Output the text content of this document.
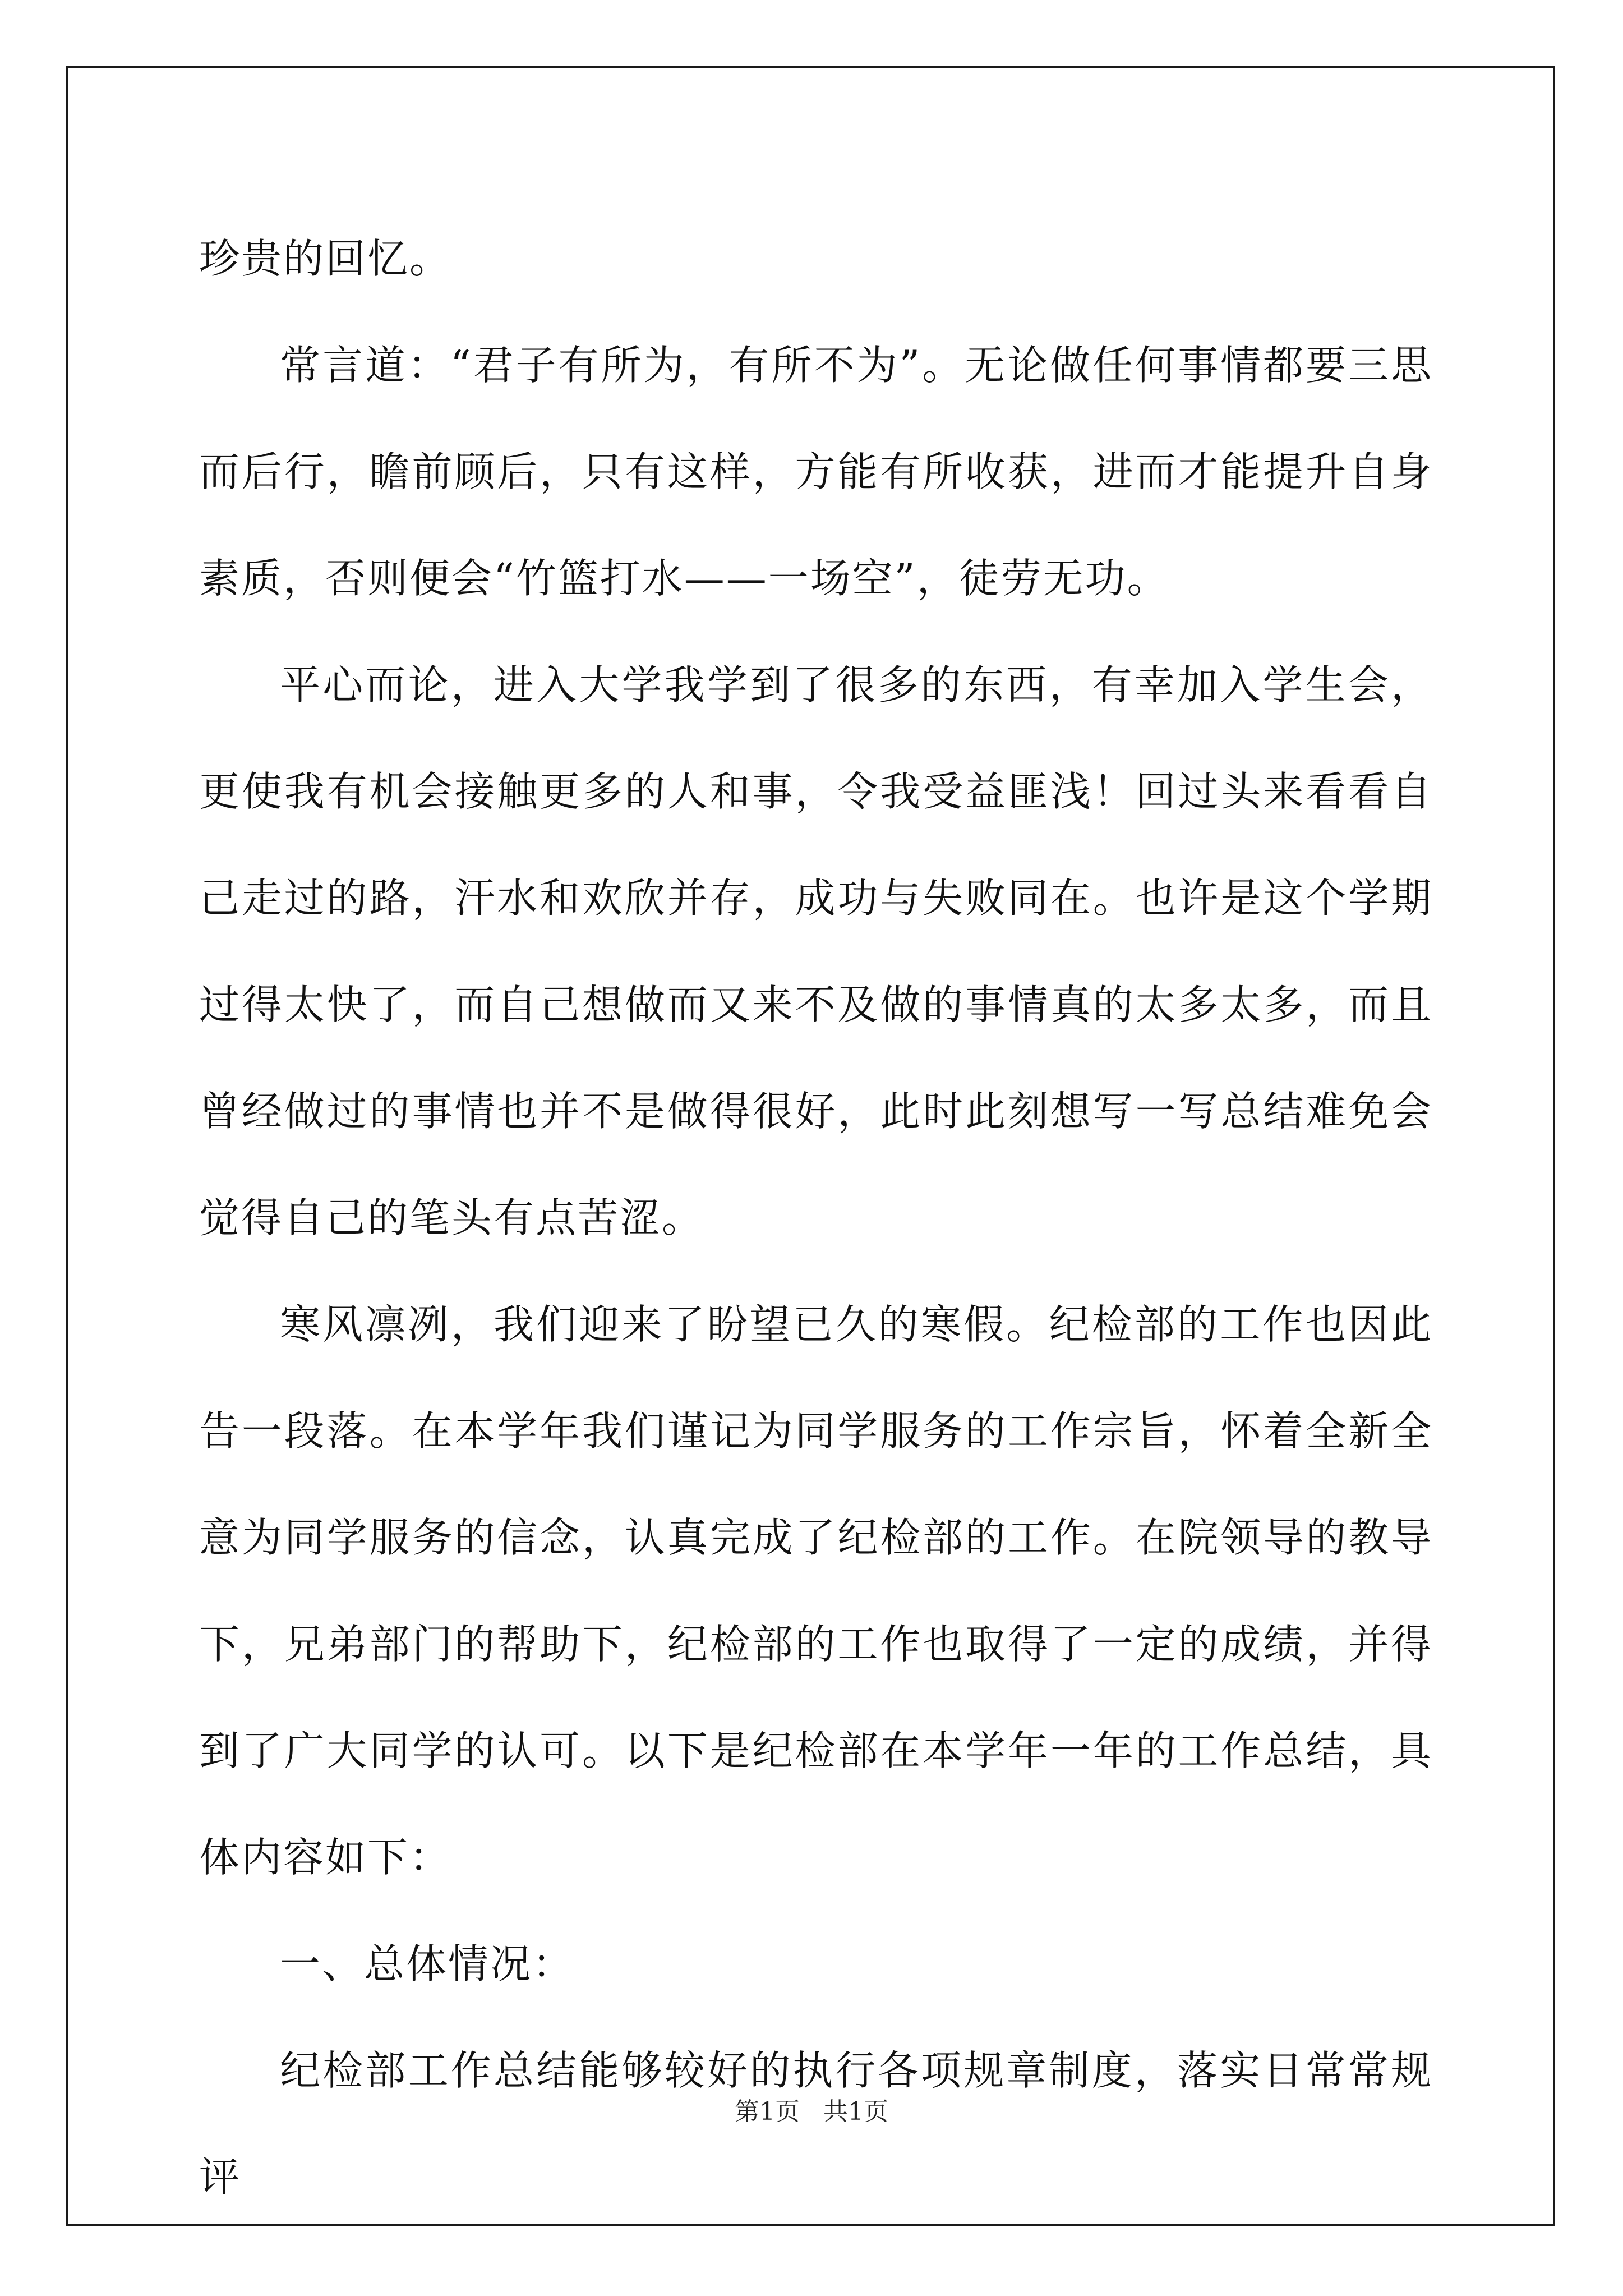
珍贵的回忆。

常言道：“君子有所为，有所不为”。无论做任何事情都要三思而后行，瞻前顾后，只有这样，方能有所收获，进而才能提升自身素质，否则便会“竹篮打水——一场空”，徒劳无功。

平心而论，进入大学我学到了很多的东西，有幸加入学生会，更使我有机会接触更多的人和事，令我受益匪浅！回过头来看看自己走过的路，汗水和欢欣并存，成功与失败同在。也许是这个学期过得太快了，而自己想做而又来不及做的事情真的太多太多，而且曾经做过的事情也并不是做得很好，此时此刻想写一写总结难免会觉得自己的笔头有点苦涩。

寒风凛冽，我们迎来了盼望已久的寒假。纪检部的工作也因此告一段落。在本学年我们谨记为同学服务的工作宗旨，怀着全新全意为同学服务的信念，认真完成了纪检部的工作。在院领导的教导下，兄弟部门的帮助下，纪检部的工作也取得了一定的成绩，并得到了广大同学的认可。以下是纪检部在本学年一年的工作总结，具体内容如下：

一、总体情况：

纪检部工作总结能够较好的执行各项规章制度，落实日常常规评

第1页 共1页
